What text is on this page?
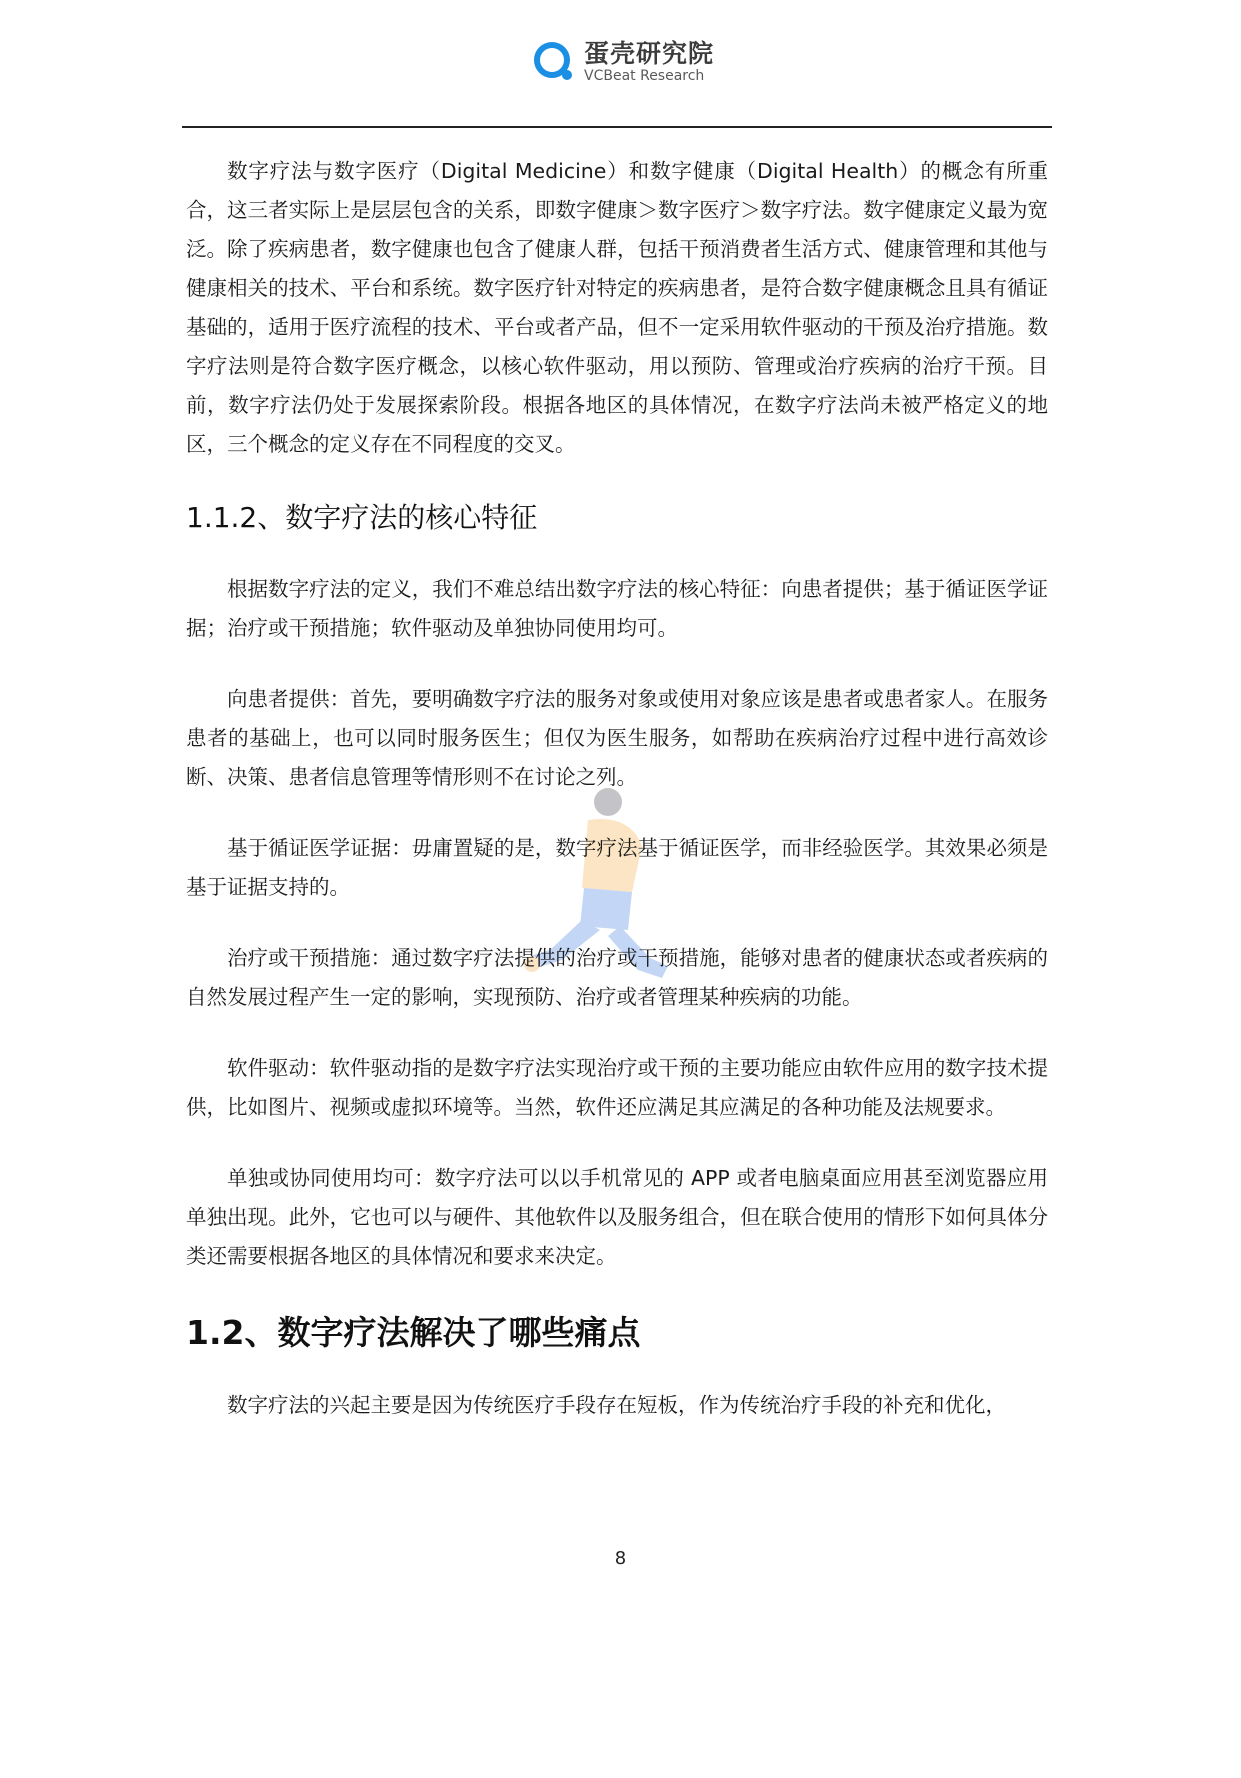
蛋壳研究院
VCBeat Research

数字疗法与数字医疗（Digital Medicine）和数字健康（Digital Health）的概念有所重合，这三者实际上是层层包含的关系，即数字健康＞数字医疗＞数字疗法。数字健康定义最为宽泛。除了疾病患者，数字健康也包含了健康人群，包括干预消费者生活方式、健康管理和其他与健康相关的技术、平台和系统。数字医疗针对特定的疾病患者，是符合数字健康概念且具有循证基础的，适用于医疗流程的技术、平台或者产品，但不一定采用软件驱动的干预及治疗措施。数字疗法则是符合数字医疗概念，以核心软件驱动，用以预防、管理或治疗疾病的治疗干预。目前，数字疗法仍处于发展探索阶段。根据各地区的具体情况，在数字疗法尚未被严格定义的地区，三个概念的定义存在不同程度的交叉。

1.1.2、数字疗法的核心特征

根据数字疗法的定义，我们不难总结出数字疗法的核心特征：向患者提供；基于循证医学证据；治疗或干预措施；软件驱动及单独协同使用均可。

向患者提供：首先，要明确数字疗法的服务对象或使用对象应该是患者或患者家人。在服务患者的基础上，也可以同时服务医生；但仅为医生服务，如帮助在疾病治疗过程中进行高效诊断、决策、患者信息管理等情形则不在讨论之列。

基于循证医学证据：毋庸置疑的是，数字疗法基于循证医学，而非经验医学。其效果必须是基于证据支持的。

治疗或干预措施：通过数字疗法提供的治疗或干预措施，能够对患者的健康状态或者疾病的自然发展过程产生一定的影响，实现预防、治疗或者管理某种疾病的功能。

软件驱动：软件驱动指的是数字疗法实现治疗或干预的主要功能应由软件应用的数字技术提供，比如图片、视频或虚拟环境等。当然，软件还应满足其应满足的各种功能及法规要求。

单独或协同使用均可：数字疗法可以以手机常见的 APP 或者电脑桌面应用甚至浏览器应用单独出现。此外，它也可以与硬件、其他软件以及服务组合，但在联合使用的情形下如何具体分类还需要根据各地区的具体情况和要求来决定。

1.2、数字疗法解决了哪些痛点

数字疗法的兴起主要是因为传统医疗手段存在短板，作为传统治疗手段的补充和优化，

8
